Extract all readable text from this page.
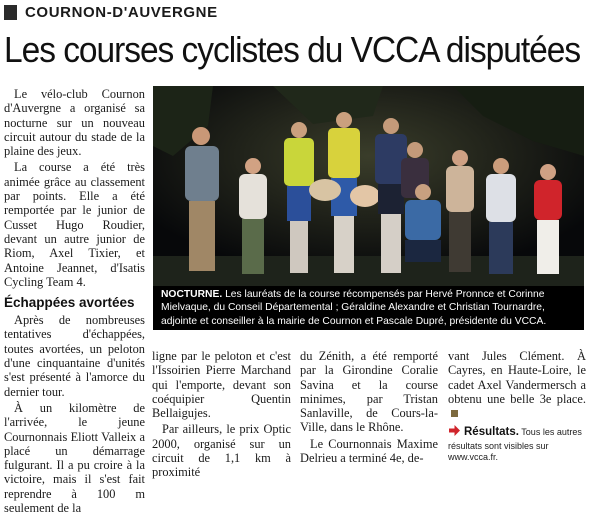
COURNON-D'AUVERGNE
Les courses cyclistes du VCCA disputées

Le vélo-club Cournon d'Auvergne a organisé sa nocturne sur un nouveau circuit autour du stade de la plaine des jeux.

La course a été très animée grâce au classement par points. Elle a été remportée par le junior de Cusset Hugo Roudier, devant un autre junior de Riom, Axel Tixier, et Antoine Jeannet, d'Isatis Cycling Team 4.

Échappées avortées

Après de nombreuses tentatives d'échappées, toutes avortées, un peloton d'une cinquantaine d'unités s'est présenté à l'amorce du dernier tour.

À un kilomètre de l'arrivée, le jeune Cournonnais Eliott Valleix a placé un démarrage fulgurant. Il a pu croire à la victoire, mais il s'est fait reprendre à 100 m seulement de la

NOCTURNE. Les lauréats de la course récompensés par Hervé Pronnce et Corinne Mielvaque, du Conseil Départemental ; Géraldine Alexandre et Christian Tournardre, adjointe et conseiller à la mairie de Cournon et Pascale Dupré, présidente du VCCA.

ligne par le peloton et c'est l'Issoirien Pierre Marchand qui l'emporte, devant son coéquipier Quentin Bellaigujes.

Par ailleurs, le prix Optic 2000, organisé sur un circuit de 1,1 km à proximité

du Zénith, a été remporté par la Girondine Coralie Savina et la course minimes, par Tristan Sanlaville, de Cours-la-Ville, dans le Rhône.

Le Cournonnais Maxime Delrieu a terminé 4e, de-

vant Jules Clément. À Cayres, en Haute-Loire, le cadet Axel Vandermersch a obtenu une belle 3e place.

Résultats. Tous les autres résultats sont visibles sur www.vcca.fr.
